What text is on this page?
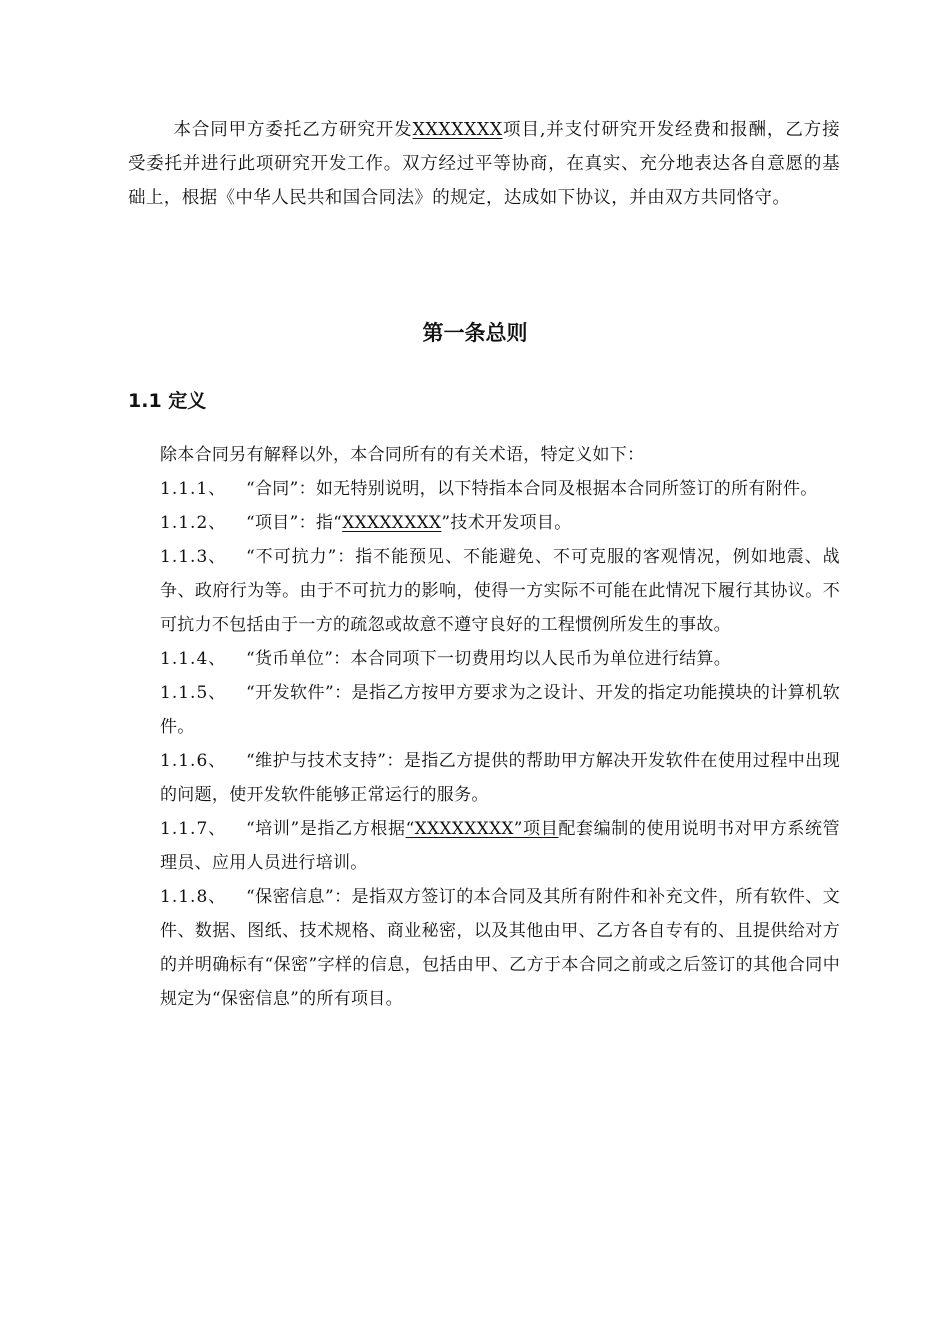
本合同甲方委托乙方研究开发XXXXXXX项目,并支付研究开发经费和报酬，乙方接受委托并进行此项研究开发工作。双方经过平等协商，在真实、充分地表达各自意愿的基础上，根据《中华人民共和国合同法》的规定，达成如下协议，并由双方共同恪守。

第一条总则
1.1 定义

除本合同另有解释以外，本合同所有的有关术语，特定义如下：

1.1.1、 “合同”：如无特别说明，以下特指本合同及根据本合同所签订的所有附件。

1.1.2、 “项目”：指“XXXXXXXX”技术开发项目。

1.1.3、 “不可抗力”：指不能预见、不能避免、不可克服的客观情况，例如地震、战争、政府行为等。由于不可抗力的影响，使得一方实际不可能在此情况下履行其协议。不可抗力不包括由于一方的疏忽或故意不遵守良好的工程惯例所发生的事故。

1.1.4、 “货币单位”：本合同项下一切费用均以人民币为单位进行结算。

1.1.5、 “开发软件”：是指乙方按甲方要求为之设计、开发的指定功能摸块的计算机软件。

1.1.6、 “维护与技术支持”：是指乙方提供的帮助甲方解决开发软件在使用过程中出现的问题，使开发软件能够正常运行的服务。

1.1.7、 “培训”是指乙方根据“XXXXXXXX”项目配套编制的使用说明书对甲方系统管理员、应用人员进行培训。

1.1.8、 “保密信息”：是指双方签订的本合同及其所有附件和补充文件，所有软件、文件、数据、图纸、技术规格、商业秘密，以及其他由甲、乙方各自专有的、且提供给对方的并明确标有“保密”字样的信息，包括由甲、乙方于本合同之前或之后签订的其他合同中规定为“保密信息”的所有项目。
